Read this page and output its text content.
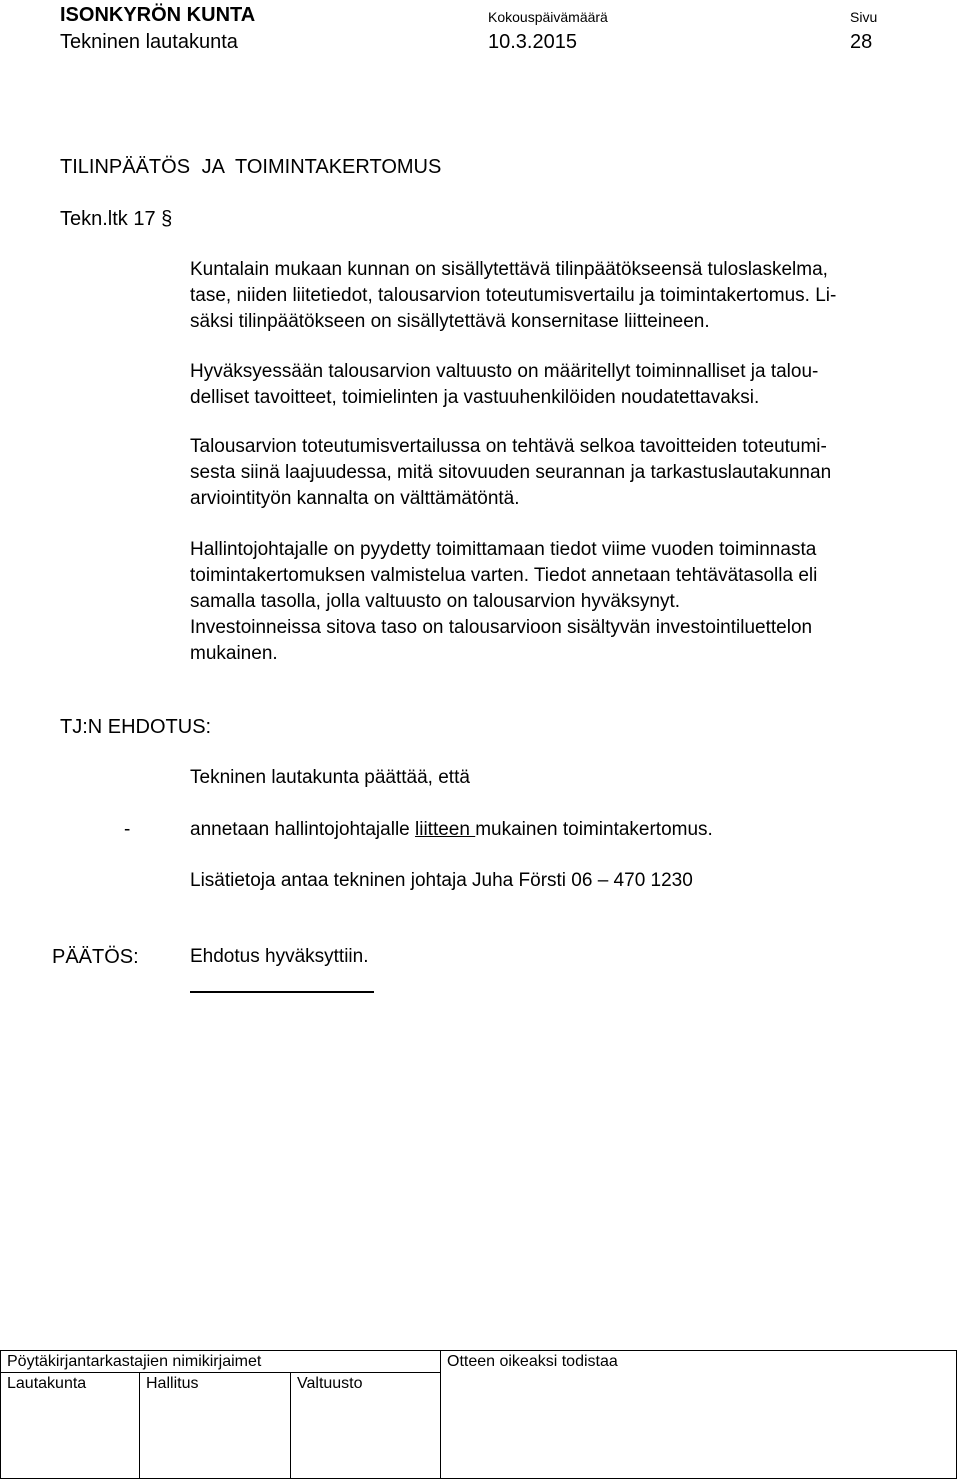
ISONKYRÖN KUNTA
Tekninen lautakunta
Kokouspäivämäärä
10.3.2015
Sivu
28
TILINPÄÄTÖS JA TOIMINTAKERTOMUS
Tekn.ltk 17 §
Kuntalain mukaan kunnan on sisällytettävä tilinpäätökseensä tuloslaskelma,
tase, niiden liitetiedot, talousarvion toteutumisvertailu ja toimintakertomus. Li-
säksi tilinpäätökseen on sisällytettävä konsernitase liitteineen.
Hyväksyessään talousarvion valtuusto on määritellyt toiminnalliset ja talou-
delliset tavoitteet, toimielinten ja vastuuhenkilöiden noudatettavaksi.
Talousarvion toteutumisvertailussa on tehtävä selkoa tavoitteiden toteutumi-
sesta siinä laajuudessa, mitä sitovuuden seurannan ja tarkastuslautakunnan
arviointityön kannalta on välttämätöntä.
Hallintojohtajalle on pyydetty toimittamaan tiedot viime vuoden toiminnasta
toimintakertomuksen valmistelua varten. Tiedot annetaan tehtävätasolla eli
samalla tasolla, jolla valtuusto on talousarvion hyväksynyt.
Investoinneissa sitova taso on talousarvioon sisältyvän investointiluettelon
mukainen.
TJ:N EHDOTUS:
Tekninen lautakunta päättää, että
-	annetaan hallintojohtajalle liitteen mukainen toimintakertomus.
Lisätietoja antaa tekninen johtaja Juha Försti 06 – 470 1230
PÄÄTÖS:	Ehdotus hyväksyttiin.
Pöytäkirjantarkastajien nimikirjaimet	Otteen oikeaksi todistaa
Lautakunta	Hallitus	Valtuusto
